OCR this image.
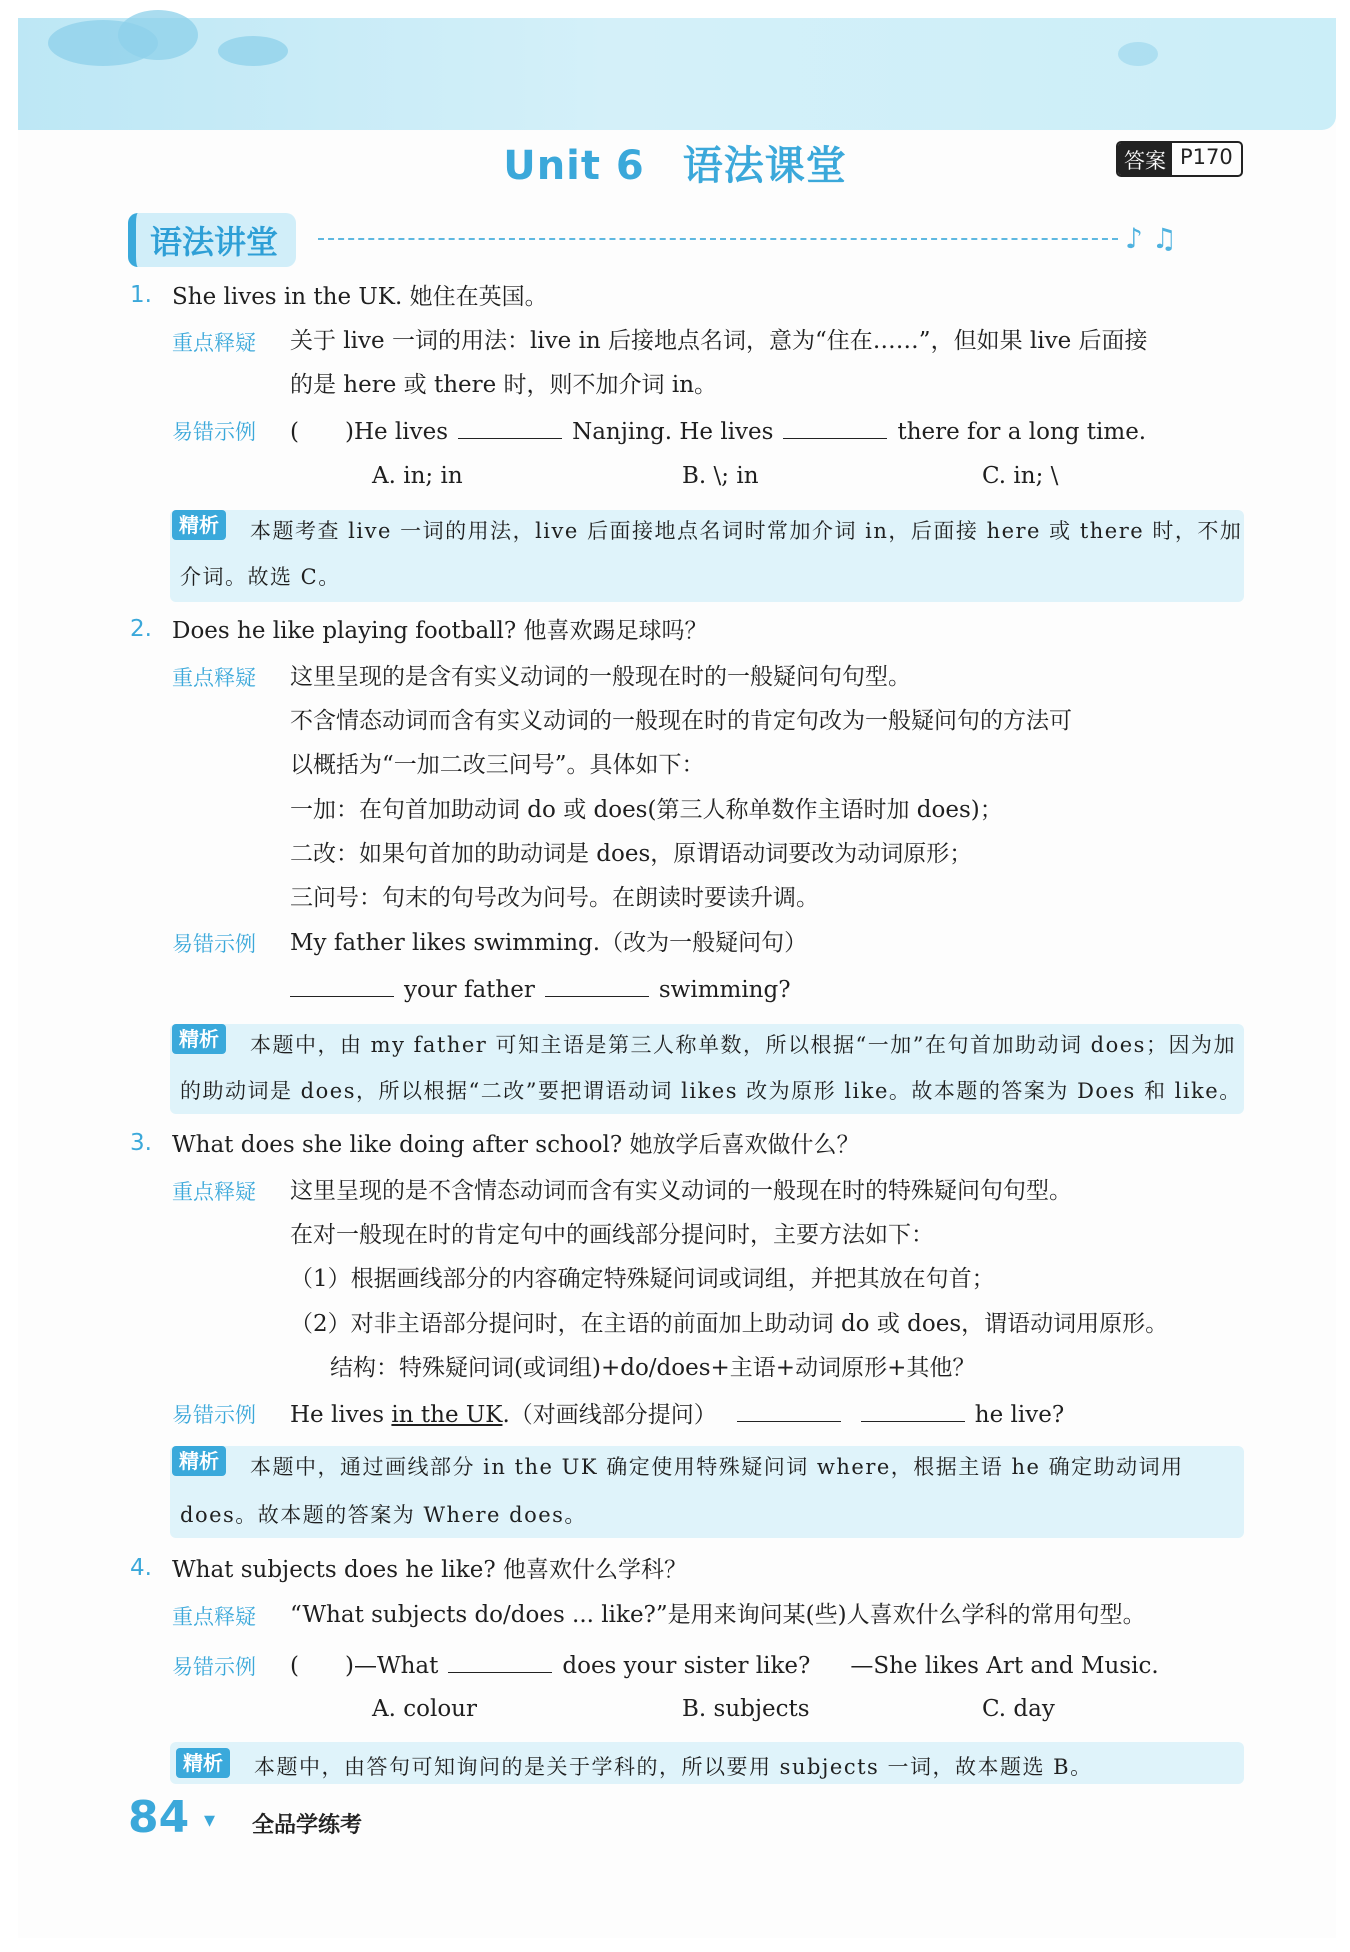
Unit 6 语法课堂	答案 P170
语法讲堂	♪ ♫
1. She lives in the UK. 她住在英国。
重点释疑 关于 live 一词的用法：live in 后接地点名词，意为“住在……”，但如果 live 后面接
的是 here 或 there 时，则不加介词 in。
易错示例 (　　)He lives	Nanjing. He lives	there for a long time.
A. in; in	B. \; in	C. in; \
精析	本题考查 live 一词的用法，live 后面接地点名词时常加介词 in，后面接 here 或 there 时，不加
介词。故选 C。
2. Does he like playing football? 他喜欢踢足球吗？
重点释疑 这里呈现的是含有实义动词的一般现在时的一般疑问句句型。
不含情态动词而含有实义动词的一般现在时的肯定句改为一般疑问句的方法可
以概括为“一加二改三问号”。具体如下：
一加：在句首加助动词 do 或 does(第三人称单数作主语时加 does)；
二改：如果句首加的助动词是 does，原谓语动词要改为动词原形；
三问号：句末的句号改为问号。在朗读时要读升调。
易错示例 My father likes swimming.（改为一般疑问句）
your father	swimming?
精析	本题中，由 my father 可知主语是第三人称单数，所以根据“一加”在句首加助动词 does；因为加
的助动词是 does，所以根据“二改”要把谓语动词 likes 改为原形 like。故本题的答案为 Does 和 like。
3. What does she like doing after school? 她放学后喜欢做什么？
重点释疑 这里呈现的是不含情态动词而含有实义动词的一般现在时的特殊疑问句句型。
在对一般现在时的肯定句中的画线部分提问时，主要方法如下：
（1）根据画线部分的内容确定特殊疑问词或词组，并把其放在句首；
（2）对非主语部分提问时，在主语的前面加上助动词 do 或 does，谓语动词用原形。
结构：特殊疑问词(或词组)+do/does+主语+动词原形+其他？
易错示例 He lives in the UK.（对画线部分提问）	he live?
精析	本题中，通过画线部分 in the UK 确定使用特殊疑问词 where，根据主语 he 确定助动词用
does。故本题的答案为 Where does。
4. What subjects does he like? 他喜欢什么学科？
重点释疑 “What subjects do/does ... like?”是用来询问某(些)人喜欢什么学科的常用句型。
易错示例 (　　)—What	does your sister like? —She likes Art and Music.
A. colour	B. subjects	C. day
精析	本题中，由答句可知询问的是关于学科的，所以要用 subjects 一词，故本题选 B。
84 ▾ 全品学练考
